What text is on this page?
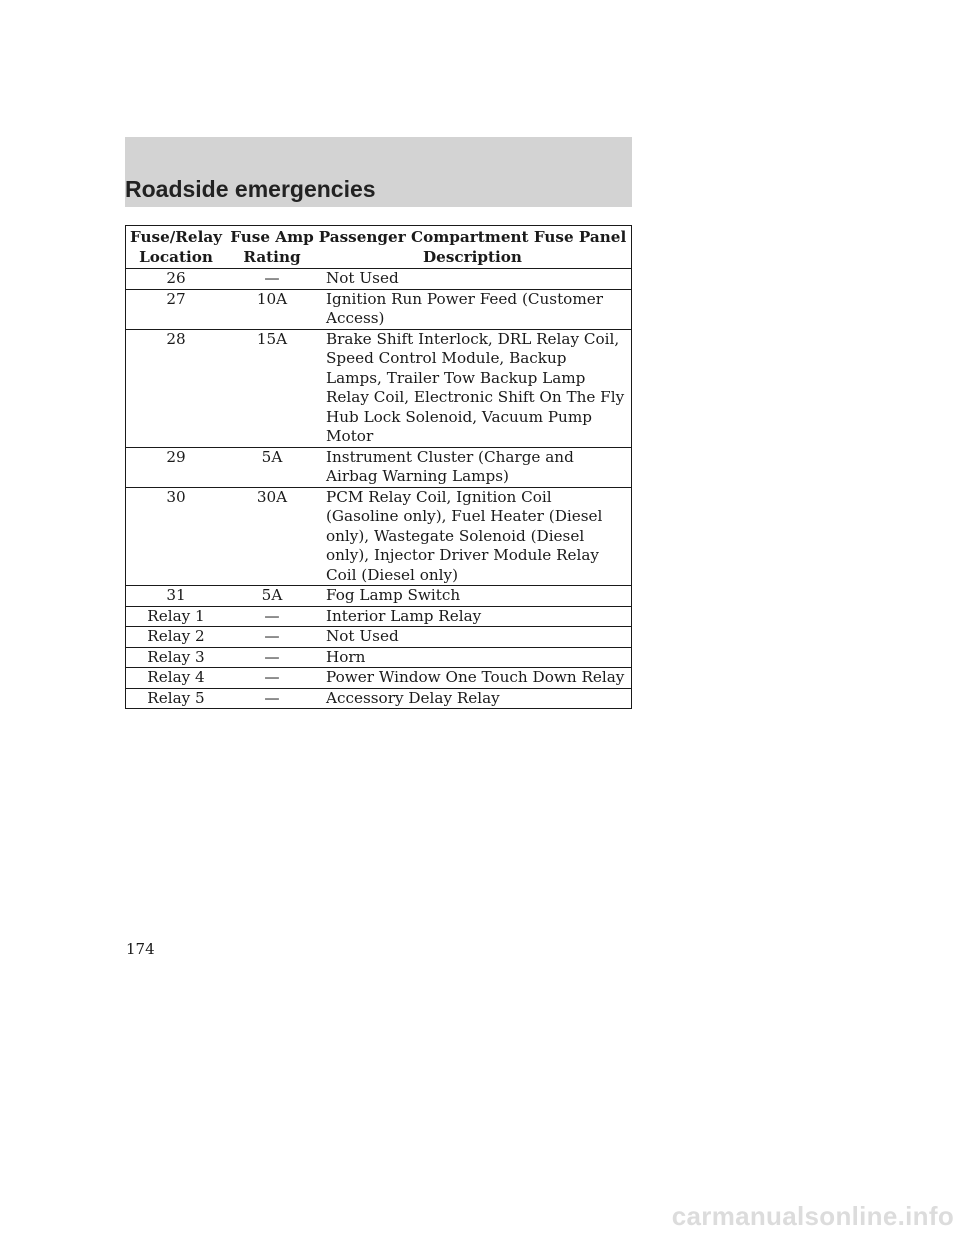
Roadside emergencies
Fuse/Relay Location	Fuse Amp Rating	Passenger Compartment Fuse Panel Description
26	—	Not Used
27	10A	Ignition Run Power Feed (Customer Access)
28	15A	Brake Shift Interlock, DRL Relay Coil, Speed Control Module, Backup Lamps, Trailer Tow Backup Lamp Relay Coil, Electronic Shift On The Fly Hub Lock Solenoid, Vacuum Pump Motor
29	5A	Instrument Cluster (Charge and Airbag Warning Lamps)
30	30A	PCM Relay Coil, Ignition Coil (Gasoline only), Fuel Heater (Diesel only), Wastegate Solenoid (Diesel only), Injector Driver Module Relay Coil (Diesel only)
31	5A	Fog Lamp Switch
Relay 1	—	Interior Lamp Relay
Relay 2	—	Not Used
Relay 3	—	Horn
Relay 4	—	Power Window One Touch Down Relay
Relay 5	—	Accessory Delay Relay
174
carmanualsonline.info
